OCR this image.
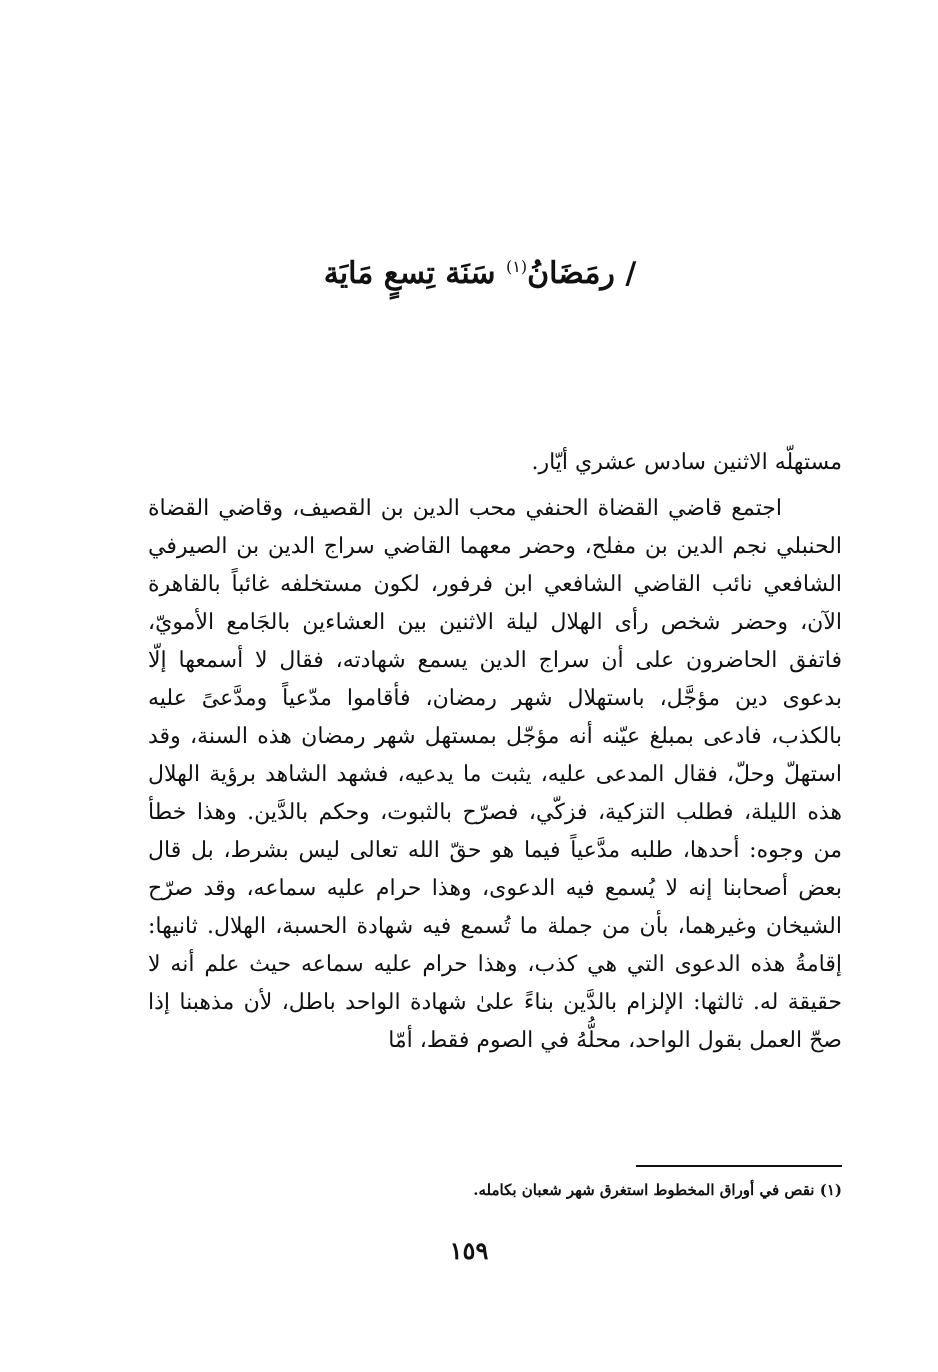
/ رمَضَانُ$^{(١)}$ سَنَة تِسعٍ مَايَة

مستهلّه الاثنين سادس عشري أيّار.

اجتمع قاضي القضاة الحنفي محب الدين بن القصيف، وقاضي القضاة الحنبلي نجم الدين بن مفلح، وحضر معهما القاضي سراج الدين بن الصيرفي الشافعي نائب القاضي الشافعي ابن فرفور، لكون مستخلفه غائباً بالقاهرة الآن، وحضر شخص رأى الهلال ليلة الاثنين بين العشاءين بالجَامع الأمويّ، فاتفق الحاضرون على أن سراج الدين يسمع شهادته، فقال لا أسمعها إلّا بدعوى دين مؤجَّل، باستهلال شهر رمضان، فأقاموا مدّعياً ومدَّعىً عليه بالكذب، فادعى بمبلغ عيّنه أنه مؤجّل بمستهل شهر رمضان هذه السنة، وقد استهلّ وحلّ، فقال المدعى عليه، يثبت ما يدعيه، فشهد الشاهد برؤية الهلال هذه الليلة، فطلب التزكية، فزكّي، فصرّح بالثبوت، وحكم بالدَّين. وهذا خطأ من وجوه: أحدها، طلبه مدَّعياً فيما هو حقّ الله تعالى ليس بشرط، بل قال بعض أصحابنا إنه لا يُسمع فيه الدعوى، وهذا حرام عليه سماعه، وقد صرّح الشيخان وغيرهما، بأن من جملة ما تُسمع فيه شهادة الحسبة، الهلال. ثانيها: إقامةُ هذه الدعوى التي هي كذب، وهذا حرام عليه سماعه حيث علم أنه لا حقيقة له. ثالثها: الإلزام بالدَّين بناءً علىٰ شهادة الواحد باطل، لأن مذهبنا إذا صحّ العمل بقول الواحد، محلُّهُ في الصوم فقط، أمّا

(١) نقص في أوراق المخطوط استغرق شهر شعبان بكامله.
١٥٩
